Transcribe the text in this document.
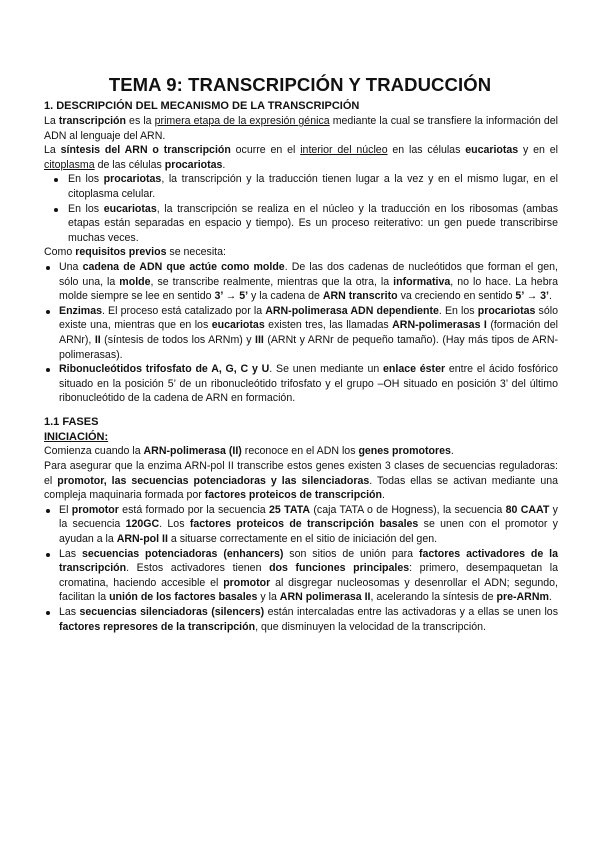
TEMA 9: TRANSCRIPCIÓN Y TRADUCCIÓN
1. DESCRIPCIÓN DEL MECANISMO DE LA TRANSCRIPCIÓN

La transcripción es la primera etapa de la expresión génica mediante la cual se transfiere la información del ADN al lenguaje del ARN.

La síntesis del ARN o transcripción ocurre en el interior del núcleo en las células eucariotas y en el citoplasma de las células procariotas.

En los procariotas, la transcripción y la traducción tienen lugar a la vez y en el mismo lugar, en el citoplasma celular.
En los eucariotas, la transcripción se realiza en el núcleo y la traducción en los ribosomas (ambas etapas están separadas en espacio y tiempo). Es un proceso reiterativo: un gen puede transcribirse muchas veces.

Como requisitos previos se necesita:

Una cadena de ADN que actúe como molde. De las dos cadenas de nucleótidos que forman el gen, sólo una, la molde, se transcribe realmente, mientras que la otra, la informativa, no lo hace. La hebra molde siempre se lee en sentido 3’ → 5’ y la cadena de ARN transcrito va creciendo en sentido 5’ → 3’.
Enzimas. El proceso está catalizado por la ARN-polimerasa ADN dependiente. En los procariotas sólo existe una, mientras que en los eucariotas existen tres, las llamadas ARN-polimerasas I (formación del ARNr), II (síntesis de todos los ARNm) y III (ARNt y ARNr de pequeño tamaño). (Hay más tipos de ARN-polimerasas).
Ribonucleótidos trifosfato de A, G, C y U. Se unen mediante un enlace éster entre el ácido fosfórico situado en la posición 5’ de un ribonucleótido trifosfato y el grupo –OH situado en posición 3’ del último ribonucleótido de la cadena de ARN en formación.
1.1 FASES
INICIACIÓN:

Comienza cuando la ARN-polimerasa (II) reconoce en el ADN los genes promotores.

Para asegurar que la enzima ARN-pol II transcribe estos genes existen 3 clases de secuencias reguladoras: el promotor, las secuencias potenciadoras y las silenciadoras. Todas ellas se activan mediante una compleja maquinaria formada por factores proteicos de transcripción.

El promotor está formado por la secuencia 25 TATA (caja TATA o de Hogness), la secuencia 80 CAAT y la secuencia 120GC. Los factores proteicos de transcripción basales se unen con el promotor y ayudan a la ARN-pol II a situarse correctamente en el sitio de iniciación del gen.
Las secuencias potenciadoras (enhancers) son sitios de unión para factores activadores de la transcripción. Estos activadores tienen dos funciones principales: primero, desempaquetan la cromatina, haciendo accesible el promotor al disgregar nucleosomas y desenrollar el ADN; segundo, facilitan la unión de los factores basales y la ARN polimerasa II, acelerando la síntesis de pre-ARNm.
Las secuencias silenciadoras (silencers) están intercaladas entre las activadoras y a ellas se unen los factores represores de la transcripción, que disminuyen la velocidad de la transcripción.
